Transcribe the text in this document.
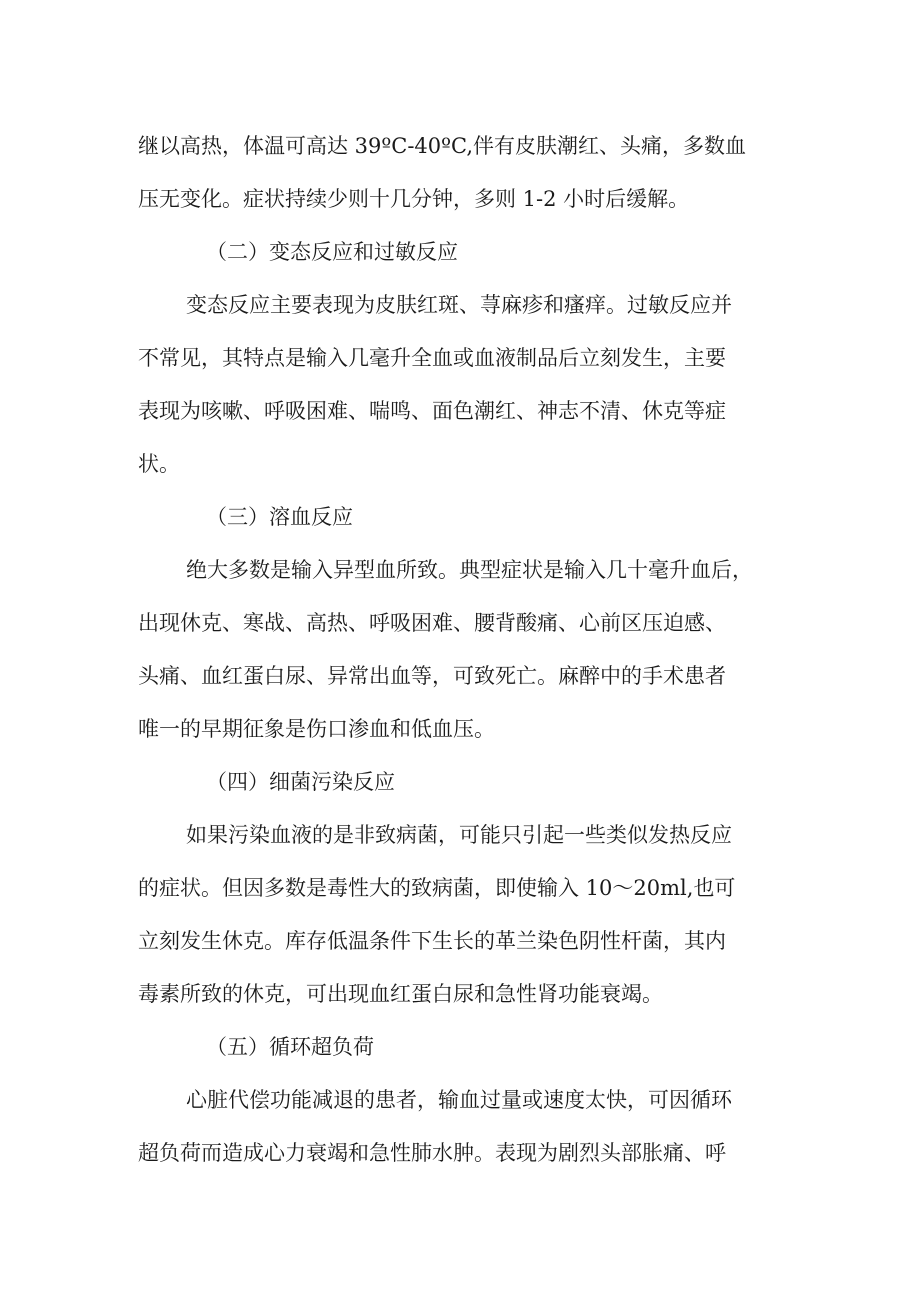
继以高热，体温可高达 39ºC-40ºC,伴有皮肤潮红、头痛，多数血
压无变化。症状持续少则十几分钟，多则 1-2 小时后缓解。

（二）变态反应和过敏反应

变态反应主要表现为皮肤红斑、荨麻疹和瘙痒。过敏反应并
不常见，其特点是输入几毫升全血或血液制品后立刻发生，主要
表现为咳嗽、呼吸困难、喘鸣、面色潮红、神志不清、休克等症
状。

（三）溶血反应

绝大多数是输入异型血所致。典型症状是输入几十毫升血后，
出现休克、寒战、高热、呼吸困难、腰背酸痛、心前区压迫感、
头痛、血红蛋白尿、异常出血等，可致死亡。麻醉中的手术患者
唯一的早期征象是伤口渗血和低血压。

（四）细菌污染反应

如果污染血液的是非致病菌，可能只引起一些类似发热反应
的症状。但因多数是毒性大的致病菌，即使输入 10～20ml,也可
立刻发生休克。库存低温条件下生长的革兰染色阴性杆菌，其内
毒素所致的休克，可出现血红蛋白尿和急性肾功能衰竭。

（五）循环超负荷

心脏代偿功能减退的患者，输血过量或速度太快，可因循环
超负荷而造成心力衰竭和急性肺水肿。表现为剧烈头部胀痛、呼
